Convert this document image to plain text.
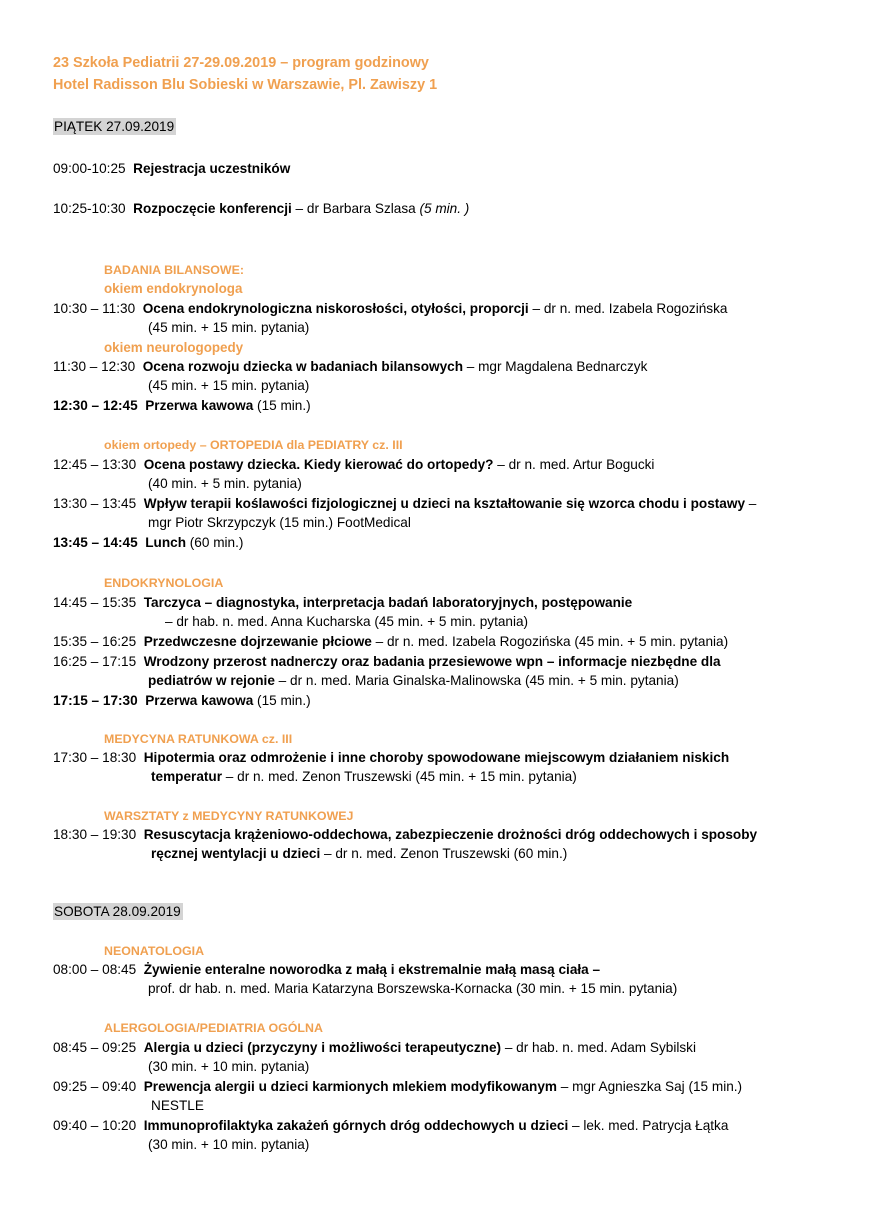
23 Szkoła Pediatrii 27-29.09.2019 – program godzinowy
Hotel Radisson Blu Sobieski w Warszawie, Pl. Zawiszy 1
PIĄTEK 27.09.2019
09:00-10:25 Rejestracja uczestników
10:25-10:30 Rozpoczęcie konferencji – dr Barbara Szlasa (5 min. )
BADANIA BILANSOWE:
okiem endokrynologa
10:30 – 11:30 Ocena endokrynologiczna niskorosłości, otyłości, proporcji – dr n. med. Izabela Rogozińska
(45 min. + 15 min. pytania)
okiem neurologopedy
11:30 – 12:30 Ocena rozwoju dziecka w badaniach bilansowych – mgr Magdalena Bednarczyk
(45 min. + 15 min. pytania)
12:30 – 12:45 Przerwa kawowa (15 min.)
okiem ortopedy – ORTOPEDIA dla PEDIATRY cz. III
12:45 – 13:30 Ocena postawy dziecka. Kiedy kierować do ortopedy? – dr n. med. Artur Bogucki
(40 min. + 5 min. pytania)
13:30 – 13:45 Wpływ terapii koślawości fizjologicznej u dzieci na kształtowanie się wzorca chodu i postawy –
mgr Piotr Skrzypczyk (15 min.) FootMedical
13:45 – 14:45 Lunch (60 min.)
ENDOKRYNOLOGIA
14:45 – 15:35 Tarczyca – diagnostyka, interpretacja badań laboratoryjnych, postępowanie
– dr hab. n. med. Anna Kucharska (45 min. + 5 min. pytania)
15:35 – 16:25 Przedwczesne dojrzewanie płciowe – dr n. med. Izabela Rogozińska (45 min. + 5 min. pytania)
16:25 – 17:15 Wrodzony przerost nadnerczy oraz badania przesiewowe wpn – informacje niezbędne dla
pediatrów w rejonie – dr n. med. Maria Ginalska-Malinowska (45 min. + 5 min. pytania)
17:15 – 17:30 Przerwa kawowa (15 min.)
MEDYCYNA RATUNKOWA cz. III
17:30 – 18:30 Hipotermia oraz odmrożenie i inne choroby spowodowane miejscowym działaniem niskich
temperatur – dr n. med. Zenon Truszewski (45 min. + 15 min. pytania)
WARSZTATY z MEDYCYNY RATUNKOWEJ
18:30 – 19:30 Resuscytacja krążeniowo-oddechowa, zabezpieczenie drożności dróg oddechowych i sposoby
ręcznej wentylacji u dzieci – dr n. med. Zenon Truszewski (60 min.)
SOBOTA 28.09.2019
NEONATOLOGIA
08:00 – 08:45 Żywienie enteralne noworodka z małą i ekstremalnie małą masą ciała –
prof. dr hab. n. med. Maria Katarzyna Borszewska-Kornacka (30 min. + 15 min. pytania)
ALERGOLOGIA/PEDIATRIA OGÓLNA
08:45 – 09:25 Alergia u dzieci (przyczyny i możliwości terapeutyczne) – dr hab. n. med. Adam Sybilski
(30 min. + 10 min. pytania)
09:25 – 09:40 Prewencja alergii u dzieci karmionych mlekiem modyfikowanym – mgr Agnieszka Saj (15 min.)
NESTLE
09:40 – 10:20 Immunoprofilaktyka zakażeń górnych dróg oddechowych u dzieci – lek. med. Patrycja Łątka
(30 min. + 10 min. pytania)
